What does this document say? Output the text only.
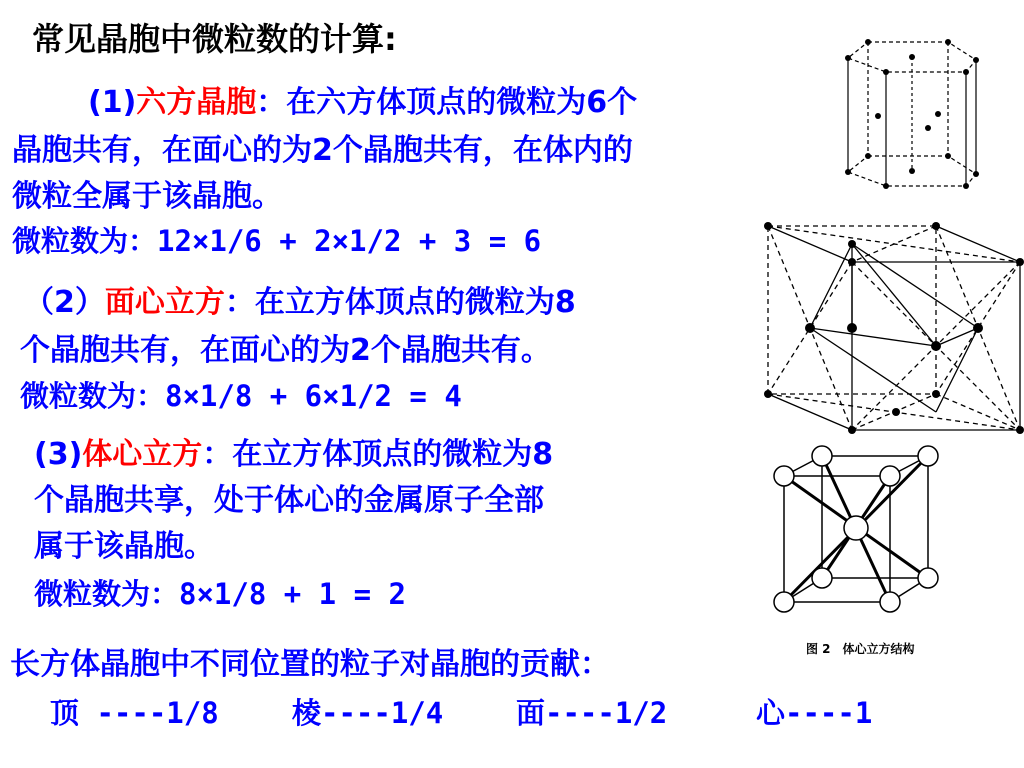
常见晶胞中微粒数的计算:
(1)六方晶胞：在六方体顶点的微粒为6个
晶胞共有，在面心的为2个晶胞共有，在体内的
微粒全属于该晶胞。
微粒数为：12×1/6 + 2×1/2 + 3 = 6
（2）面心立方：在立方体顶点的微粒为8
个晶胞共有，在面心的为2个晶胞共有。
微粒数为：8×1/8 + 6×1/2 = 4
(3)体心立方：在立方体顶点的微粒为8
个晶胞共享，处于体心的金属原子全部
属于该晶胞。
微粒数为：8×1/8 + 1 = 2
长方体晶胞中不同位置的粒子对晶胞的贡献：
顶 ----1/8	棱----1/4	面----1/2	心----1
图 2　体心立方结构
